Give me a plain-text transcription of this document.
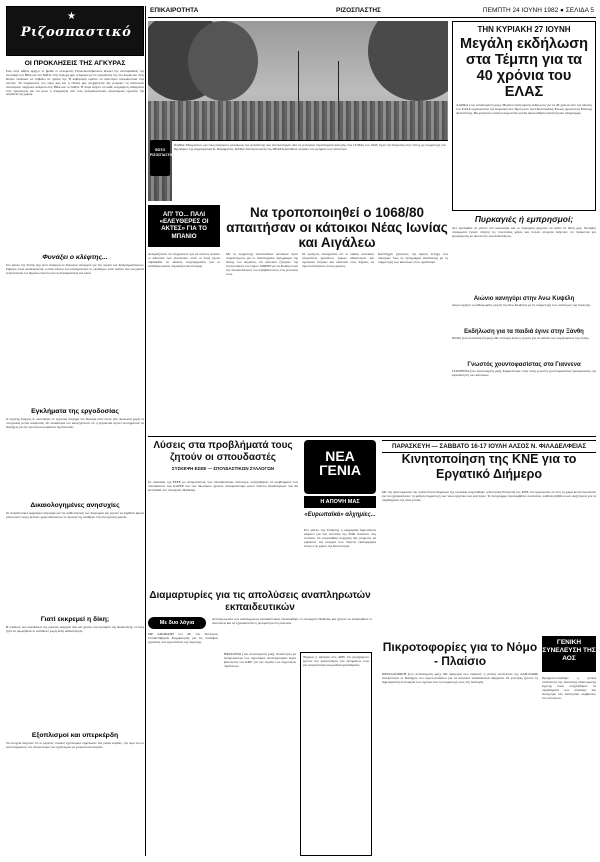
ΕΠΙΚΑΙΡΟΤΗΤΑ	ΡΙΖΟΣΠΑΣΤΗΣ	ΠΕΜΠΤΗ 24 ΙΟΥΝΗ 1982 ● ΣΕΛΙΔΑ 5
★
Ριζοσπαστικό
ΟΙ ΠΡΟΚΛΗΣΕΙΣ ΤΗΣ ΑΓΚΥΡΑΣ
Ενώ στην Αθήνα αρχίζει το βράδυ οι συνομιλίες Τύπου-Κοινοβουλίου θεωρεί την αντιπαράθεση της πολιτικής των ΗΠΑ και του ΝΑΤΟ στην περιοχή μας, η Άγκυρα με τις προκλήσεις της στο Αιγαίο και στην Κύπρο επιδιώκει να επιβάλει τα σχέδιά της. Η κυβέρνηση οφείλει να απαντήσει αποφασιστικά στις απειλές. Τα συμφέροντα του λαού μας και η εθνική μας ανεξαρτησία δεν μπορούν να αποτελούν αντικείμενο παζαριών ανάμεσα στις ΗΠΑ και το ΝΑΤΟ. Η πείρα δείχνει ότι κάθε υποχώρηση ενθαρρύνει νέες προκλήσεις και ότι μόνο η αποχώρηση από τους ιμπεριαλιστικούς οργανισμούς εγγυάται την ασφάλεια της χώρας.
Φυνάξει ο κλέφτης...
Στο φύλλο της Τρίτης είχε γίνει αναφορά σε δηλώσεις υπουργού για την πορεία των διαπραγματεύσεων. Σήμερα, όπως αποδεικνύεται, οι ίδιοι κύκλοι που καταγγέλλουν το «κλέψιμο» είναι εκείνοι που για χρόνια λεηλατούσαν τον δημόσιο πλούτο και τις αποταμιεύσεις του λαού.
Εγκλήματα της εργοδοσίας
Ο εργάτης Γιώργος Ζ. σκοτώθηκε σε εργατικό ατύχημα στο Πέραμα όταν έπεσε από σκαλωσιά χωρίς τα στοιχειώδη μέτρα ασφαλείας. Οι συνάδελφοί του καταγγέλλουν ότι η εργοδοσία αγνοεί συστηματικά τις διατάξεις για την υγιεινή και ασφάλεια της δουλειάς.
Δικαιολογημένες ανησυχίες
Οι εκπαιδευτικοί εκφράζουν ανησυχία για την καθυστέρηση των διορισμών και ζητούν να ληφθούν άμεσα μέτρα ώστε να μη μείνουν χωρίς δάσκαλους τα σχολεία της υπαίθρου στη νέα σχολική χρονιά.
Γιατί εκκρεμεί η δίκη;
Η υπόθεση των σκανδάλων της χούντας εκκρεμεί εδώ και χρόνια στα συρτάρια της δικαιοσύνης. Ο λαός ζητά να τιμωρηθούν οι υπεύθυνοι χωρίς άλλη καθυστέρηση.
Εξοπλισμοί και υπερκέρδη
Τα στοιχεία δείχνουν ότι οι μεγάλες εταιρίες εξοπλισμών σημείωσαν νέα ρεκόρ κερδών, την ώρα που οι λαοί πληρώνουν τον ανταγωνισμό των εξοπλισμών με φτώχεια και ανεργία.
ΦΩΤΟ ΡΙΖΟΣΠΑΣΤΗ
ΠΑΝΩ: Μνημόσυνο για τους πατριώτες κατοίκους της Αταλάντης που εκτελέστηκαν από τα χιτλερικά στρατεύματα κατοχής στις 16 Μάη του 1943, έγινε την Κυριακή στην πόλη, με συμμετοχή του Προέδρου της Δημοκρατίας Κ. Καραμανλή. ΚΑΤΩ: Αντιπροσωπεία της ΠΕΑΕΑ κατέθεσε στεφάνι στο μνημείο των πεσόντων.
ΤΗΝ ΚΥΡΙΑΚΗ 27 ΙΟΥΝΗ
Μεγάλη εκδήλωση στα Τέμπη για τα 40 χρόνια του ΕΛΑΣ
ΛΑΡΙΣΑ (του ανταποκριτή μας). Μεγάλη πανηγυρική εκδήλωση για τα 40 χρόνια από την ίδρυση του ΕΛΑΣ οργανώνεται την Κυριακή στα Τέμπη από την Πανελλαδική Ένωση Αγωνιστών Εθνικής Αντίστασης. Θα μιλήσουν παλαιοί αγωνιστές και θα ακολουθήσει καλλιτεχνικό πρόγραμμα.
Πυρκαγιές ή εμπρησμοί;
Δεν πρόλαβαν να μπουν στο καλοκαίρι και οι πυρκαγιές άρχισαν να καίνε τα δάση μας. Χιλιάδες στρέμματα έγιναν στάχτη τις τελευταίες μέρες και πολλά στοιχεία δείχνουν ότι πρόκειται για εμπρησμούς με σκοπό την οικοπεδοποίηση.
Αιώνιο κανηγύρι στην Ανω Κυψέλη
Αύριο αρχίζει η καθιερωμένη γιορτή της Άνω Κυψέλης με τη συμμετοχή των συλλόγων της περιοχής.
Εκδήλωση για τα παιδιά έγινε στην Ξάνθη
Ξάνθη (του ανταποκριτή μας). Με επιτυχία έγινε η γιορτή για τα παιδιά των εργαζομένων της πόλης.
Γνωστός χουντοφασίστας στα Γιαννενα
ΓΙΑΝΝΕΝΑ (του ανταποκριτή μας). Εμφανίστηκε στην πόλη γνωστός χουντοφασίστας προκαλώντας την αγανάκτηση των κατοίκων.
ΑΠ' ΤΟ... ΠΑΛΙ «ΕΛΕΥΘΕΡΕΣ ΟΙ ΑΚΤΕΣ» ΓΙΑ ΤΟ ΜΠΑΝΙΟ
Να τροποποιηθεί ο 1068/80 απαιτήσαν οι κάτοικοι Νέας Ιωνίας και Αιγάλεω
Αναγκάζονται να πληρώνουν για να κάνουν μπάνιο οι κάτοικοι των συνοικιών, όταν οι πλαζ έχουν παραδοθεί σε ιδιώτες επιχειρηματίες και οι ελεύθερες ακτές περιορίζονται συνεχώς.
Με τη συμμετοχή εκατοντάδων κατοίκων έγινε συγκέντρωση για το αναπτυξιακό πρόγραμμα της δύσης του Αιγάλεω. Οι κάτοικοι ζήτησαν την τροποποίηση του νόμου 1068/80 για τη διοίκηση και την αποκατάσταση του περιβάλλοντος στις γειτονιές τους.
Οι ομιλητές επισήμαναν ότι οι λαϊκές συνοικίες στερούνται πρασίνου, χώρων αθλητισμού και σχολικών κτιρίων και κάλεσαν τους δήμους να πρωτοστατήσουν στους αγώνες.
Κατέληξαν ζητώντας την άμεση ένταξη των περιοχών τους σε πρόγραμμα ανάπλασης με τη συμμετοχή των κατοίκων στον σχεδιασμό.
Λύσεις στα προβλήματά τους ζητούν οι σπουδαστές
ΣΥΣΚΕΨΗ ΕΣΕΕ — ΣΠΟΥΔΑΣΤΙΚΩΝ ΣΥΛΛΟΓΩΝ
Σε σύσκεψη της ΕΣΕΕ με εκπροσώπους των σπουδαστικών συλλόγων συζητήθηκαν τα προβλήματα των σπουδαστών των ΚΑΤΕΕ και των ιδιωτικών σχολών. Αποφασίστηκε κοινό πλαίσιο διεκδικήσεων που θα κατατεθεί στο υπουργείο Παιδείας.
Διαμαρτυρίες για τις απολύσεις αναπληρωτών εκπαιδευτικών
Αντιπροσωπεία των αναπληρωτών εκπαιδευτικών επισκέφθηκε το υπουργείο Παιδείας και ζήτησε να ανακληθούν οι απολύσεις και να εξασφαλιστεί η μονιμότητα στη δουλειά.
Με δυο λόγια
ΜΕ ΑΠΟΦΑΣΗ του ΔΣ του Συλλόγου τοποθετήθηκαν διαμαρτυρίες για τις συνθήκες εργασίας στα εργοστάσια της περιοχής.
ΗΡΑΚΛΕΙΟ (του ανταποκριτή μας). Συνάντηση με εκπροσώπους των αγροτικών συνεταιρισμών είχαν βουλευτές του ΚΚΕ για την πορεία των αγροτικών προϊόντων.
Ξήμερα η απεργία στη ΔΕΗ. Οι εργαζόμενοι ζητούν την ικανοποίηση των αιτημάτων τους για ασφαλιστικά και μισθολογικά θέματα.
ΝΕΑ ΓΕΝΙΑ
Η ΑΠΟΨΗ ΜΑΣ
«Ευρωπαϊκά» αλχημίες...
Στο φύλλο της Τετάρτης η εφημερίδα δημοσίευσε κείμενο για την πολιτική της ΕΟΚ απέναντι στη νεολαία. Οι ευρωπαϊκές αλχημίες δεν μπορούν να κρύψουν την ανεργία που πλήττει εκατομμύρια νέους στις χώρες της Κοινότητας.
ΠΑΡΑΣΚΕΥΗ — ΣΑΒΒΑΤΟ 16-17 ΙΟΥΛΗ ΑΛΣΟΣ Ν. ΦΙΛΑΔΕΛΦΕΙΑΣ
Κινητοποίηση της ΚΝΕ για το Εργατικό Διήμερο
Με την προετοιμασία του πολιτιστικού διημέρου της νεολαίας ασχολήθηκε η Κεντρική Επιτροπή της ΚΝΕ. Οι οργανώσεις σε όλη τη χώρα κινητοποιούνται για να εξασφαλίσουν τη μαζική συμμετοχή των νέων εργατών και φοιτητών. Το πρόγραμμα περιλαμβάνει συναυλίες, εκθέσεις βιβλίου και συζητήσεις για τα προβλήματα της νέας γενιάς.
Πικροτοφορίες για το Νόμο - Πλαίσιο
ΘΕΣΣΑΛΟΝΙΚΗ (του ανταποκριτή μας). Με ψήφισμα που ενέκρινε η γενική συνέλευση της ΔΑΠ-ΝΔΦΚ επικρίνονται οι διατάξεις του νόμου-πλαισίου για τα ανώτατα εκπαιδευτικά ιδρύματα. Οι φοιτητές ζητούν τη δημοκρατική λειτουργία των σχολών και τη συμμετοχή τους στη διοίκηση.
ΓΕΝΙΚΗ ΣΥΝΕΛΕΥΣΗ ΤΗΣ ΑΟΣ
Πραγματοποιήθηκε η γενική συνέλευση της Ανώτατης Οικονομικής Σχολής όπου συζητήθηκαν τα προβλήματα των σπουδών και εκλέχτηκε νέο διοικητικό συμβούλιο του συλλόγου.
